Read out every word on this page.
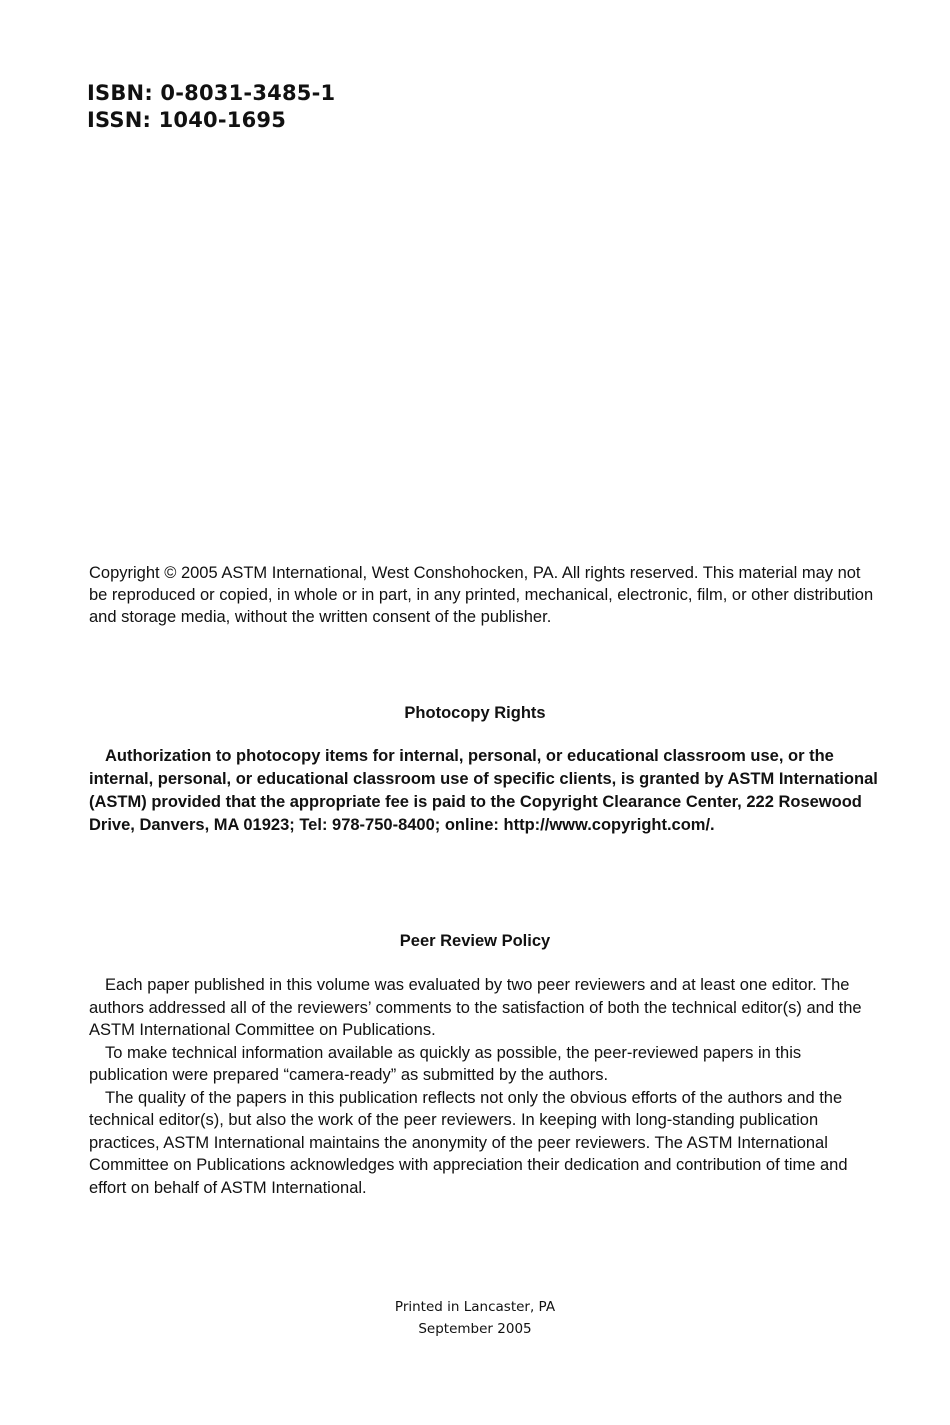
ISBN: 0-8031-3485-1
ISSN: 1040-1695

Copyright © 2005 ASTM International, West Conshohocken, PA. All rights reserved. This material may not be reproduced or copied, in whole or in part, in any printed, mechanical, electronic, film, or other distribution and storage media, without the written consent of the publisher.

Photocopy Rights

Authorization to photocopy items for internal, personal, or educational classroom use, or the internal, personal, or educational classroom use of specific clients, is granted by ASTM International (ASTM) provided that the appropriate fee is paid to the Copyright Clearance Center, 222 Rosewood Drive, Danvers, MA 01923; Tel: 978-750-8400; online: http://www.copyright.com/.

Peer Review Policy

Each paper published in this volume was evaluated by two peer reviewers and at least one editor. The authors addressed all of the reviewers’ comments to the satisfaction of both the technical editor(s) and the ASTM International Committee on Publications.

To make technical information available as quickly as possible, the peer-reviewed papers in this publication were prepared “camera-ready” as submitted by the authors.

The quality of the papers in this publication reflects not only the obvious efforts of the authors and the technical editor(s), but also the work of the peer reviewers. In keeping with long-standing publication practices, ASTM International maintains the anonymity of the peer reviewers. The ASTM International Committee on Publications acknowledges with appreciation their dedication and contribution of time and effort on behalf of ASTM International.

Printed in Lancaster, PA
September 2005
